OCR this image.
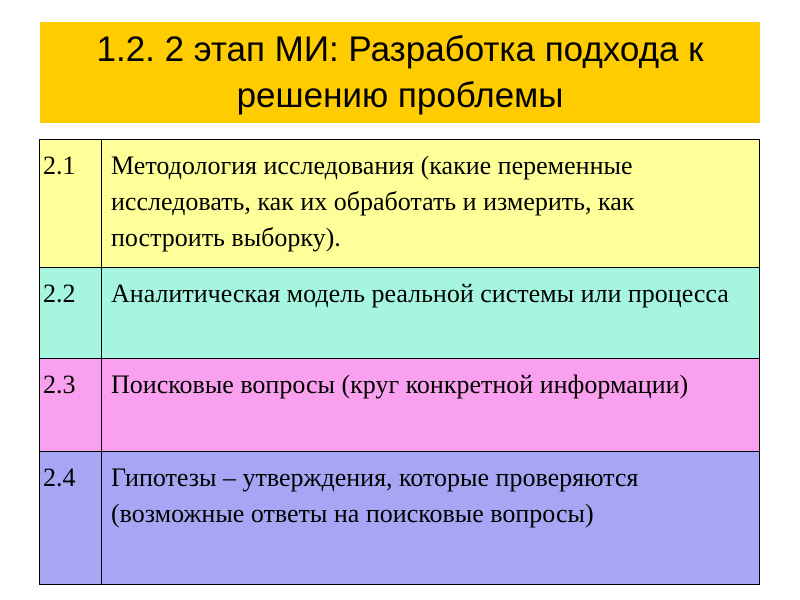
1.2. 2 этап МИ: Разработка подхода к решению проблемы
2.1	Методология исследования (какие переменные исследовать, как их обработать и измерить, как построить выборку).
2.2	Аналитическая модель реальной системы или процесса
2.3	Поисковые вопросы (круг конкретной информации)
2.4	Гипотезы – утверждения, которые проверяются (возможные ответы на поисковые вопросы)
